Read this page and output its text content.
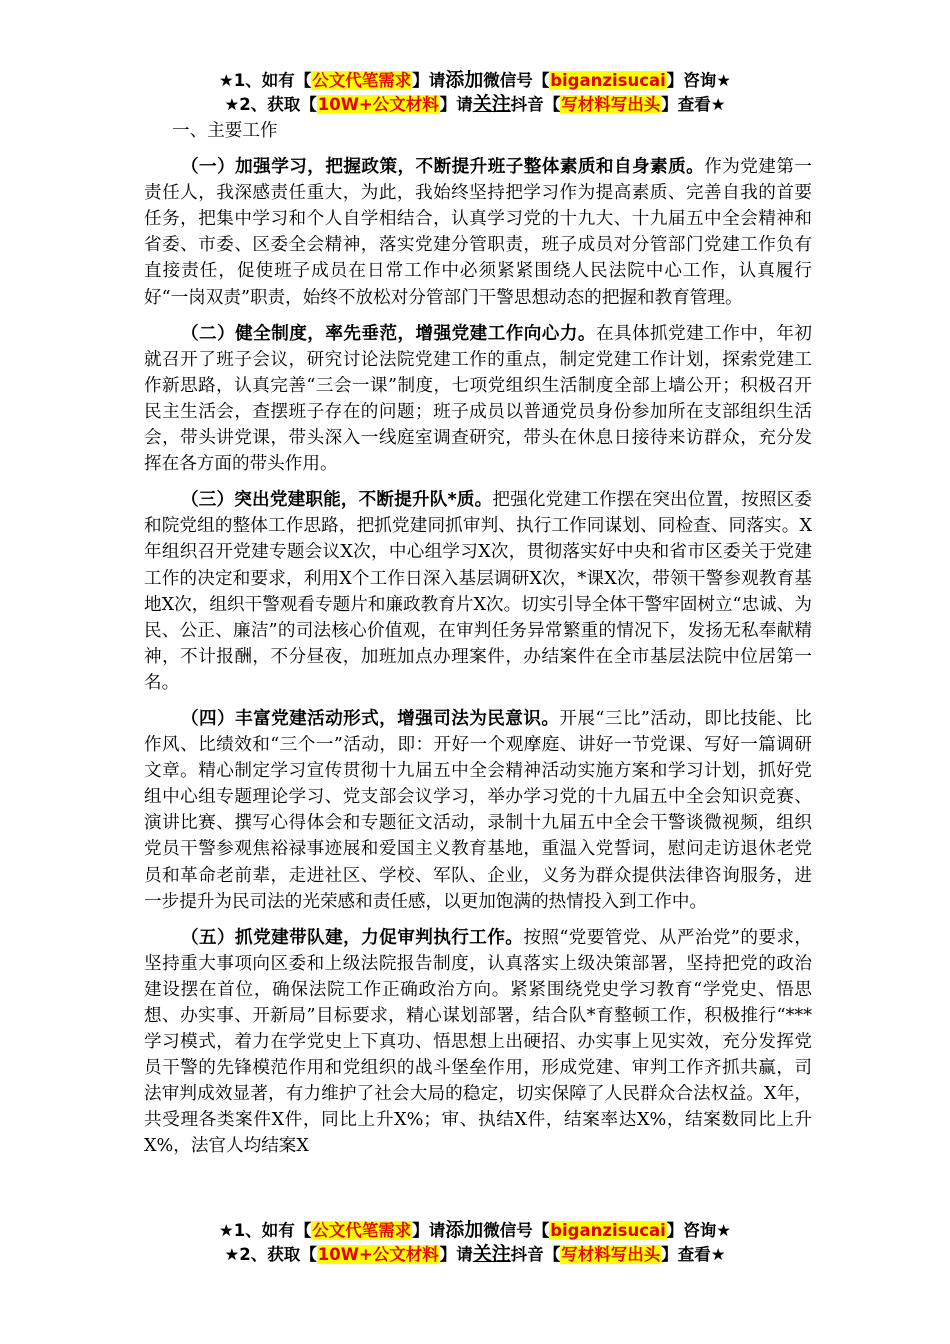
★1、如有【公文代笔需求】请添加微信号【biganzisucai】咨询★
★2、获取【10W+公文材料】请关注抖音【写材料写出头】查看★
一、主要工作

（一）加强学习，把握政策，不断提升班子整体素质和自身素质。作为党建第一责任人，我深感责任重大，为此，我始终坚持把学习作为提高素质、完善自我的首要任务，把集中学习和个人自学相结合，认真学习党的十九大、十九届五中全会精神和省委、市委、区委全会精神，落实党建分管职责，班子成员对分管部门党建工作负有直接责任，促使班子成员在日常工作中必须紧紧围绕人民法院中心工作，认真履行好“一岗双责”职责，始终不放松对分管部门干警思想动态的把握和教育管理。

（二）健全制度，率先垂范，增强党建工作向心力。在具体抓党建工作中，年初就召开了班子会议，研究讨论法院党建工作的重点，制定党建工作计划，探索党建工作新思路，认真完善“三会一课”制度，七项党组织生活制度全部上墙公开；积极召开民主生活会，查摆班子存在的问题；班子成员以普通党员身份参加所在支部组织生活会，带头讲党课，带头深入一线庭室调查研究，带头在休息日接待来访群众，充分发挥在各方面的带头作用。

（三）突出党建职能，不断提升队*质。把强化党建工作摆在突出位置，按照区委和院党组的整体工作思路，把抓党建同抓审判、执行工作同谋划、同检查、同落实。X年组织召开党建专题会议X次，中心组学习X次，贯彻落实好中央和省市区委关于党建工作的决定和要求，利用X个工作日深入基层调研X次，*课X次，带领干警参观教育基地X次，组织干警观看专题片和廉政教育片X次。切实引导全体干警牢固树立“忠诚、为民、公正、廉洁”的司法核心价值观，在审判任务异常繁重的情况下，发扬无私奉献精神，不计报酬，不分昼夜，加班加点办理案件，办结案件在全市基层法院中位居第一名。

（四）丰富党建活动形式，增强司法为民意识。开展“三比”活动，即比技能、比作风、比绩效和“三个一”活动，即：开好一个观摩庭、讲好一节党课、写好一篇调研文章。精心制定学习宣传贯彻十九届五中全会精神活动实施方案和学习计划，抓好党组中心组专题理论学习、党支部会议学习，举办学习党的十九届五中全会知识竞赛、演讲比赛、撰写心得体会和专题征文活动，录制十九届五中全会干警谈微视频，组织党员干警参观焦裕禄事迹展和爱国主义教育基地，重温入党誓词，慰问走访退休老党员和革命老前辈，走进社区、学校、军队、企业，义务为群众提供法律咨询服务，进一步提升为民司法的光荣感和责任感，以更加饱满的热情投入到工作中。

（五）抓党建带队建，力促审判执行工作。按照“党要管党、从严治党”的要求，坚持重大事项向区委和上级法院报告制度，认真落实上级决策部署，坚持把党的政治建设摆在首位，确保法院工作正确政治方向。紧紧围绕党史学习教育“学党史、悟思想、办实事、开新局”目标要求，精心谋划部署，结合队*育整顿工作，积极推行“***学习模式，着力在学党史上下真功、悟思想上出硬招、办实事上见实效，充分发挥党员干警的先锋模范作用和党组织的战斗堡垒作用，形成党建、审判工作齐抓共赢，司法审判成效显著，有力维护了社会大局的稳定，切实保障了人民群众合法权益。X年，共受理各类案件X件，同比上升X%；审、执结X件，结案率达X%，结案数同比上升X%，法官人均结案X

★1、如有【公文代笔需求】请添加微信号【biganzisucai】咨询★
★2、获取【10W+公文材料】请关注抖音【写材料写出头】查看★
